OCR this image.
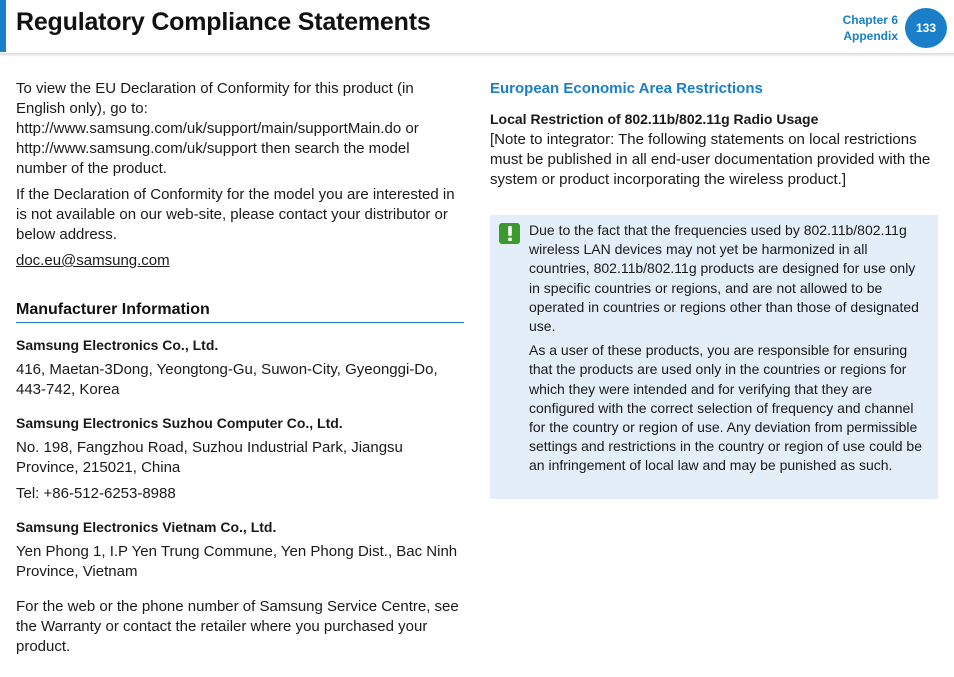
Regulatory Compliance Statements	Chapter 6
Appendix
133

To view the EU Declaration of Conformity for this product (in English only), go to: http://www.samsung.com/uk/support/main/supportMain.do or http://www.samsung.com/uk/support then search the model number of the product.

If the Declaration of Conformity for the model you are interested in is not available on our web-site, please contact your distributor or below address.

doc.eu@samsung.com

Manufacturer Information
Samsung Electronics Co., Ltd.

416, Maetan-3Dong, Yeongtong-Gu, Suwon-City, Gyeonggi-Do, 443-742, Korea

Samsung Electronics Suzhou Computer Co., Ltd.

No. 198, Fangzhou Road, Suzhou Industrial Park, Jiangsu Province, 215021, China

Tel: +86-512-6253-8988

Samsung Electronics Vietnam Co., Ltd.

Yen Phong 1, I.P Yen Trung Commune, Yen Phong Dist., Bac Ninh Province, Vietnam

For the web or the phone number of Samsung Service Centre, see the Warranty or contact the retailer where you purchased your product.

European Economic Area Restrictions
Local Restriction of 802.11b/802.11g Radio Usage

[Note to integrator: The following statements on local restrictions must be published in all end-user documentation provided with the system or product incorporating the wireless product.]

Due to the fact that the frequencies used by 802.11b/802.11g wireless LAN devices may not yet be harmonized in all countries, 802.11b/802.11g products are designed for use only in specific countries or regions, and are not allowed to be operated in countries or regions other than those of designated use.

As a user of these products, you are responsible for ensuring that the products are used only in the countries or regions for which they were intended and for verifying that they are configured with the correct selection of frequency and channel for the country or region of use. Any deviation from permissible settings and restrictions in the country or region of use could be an infringement of local law and may be punished as such.
